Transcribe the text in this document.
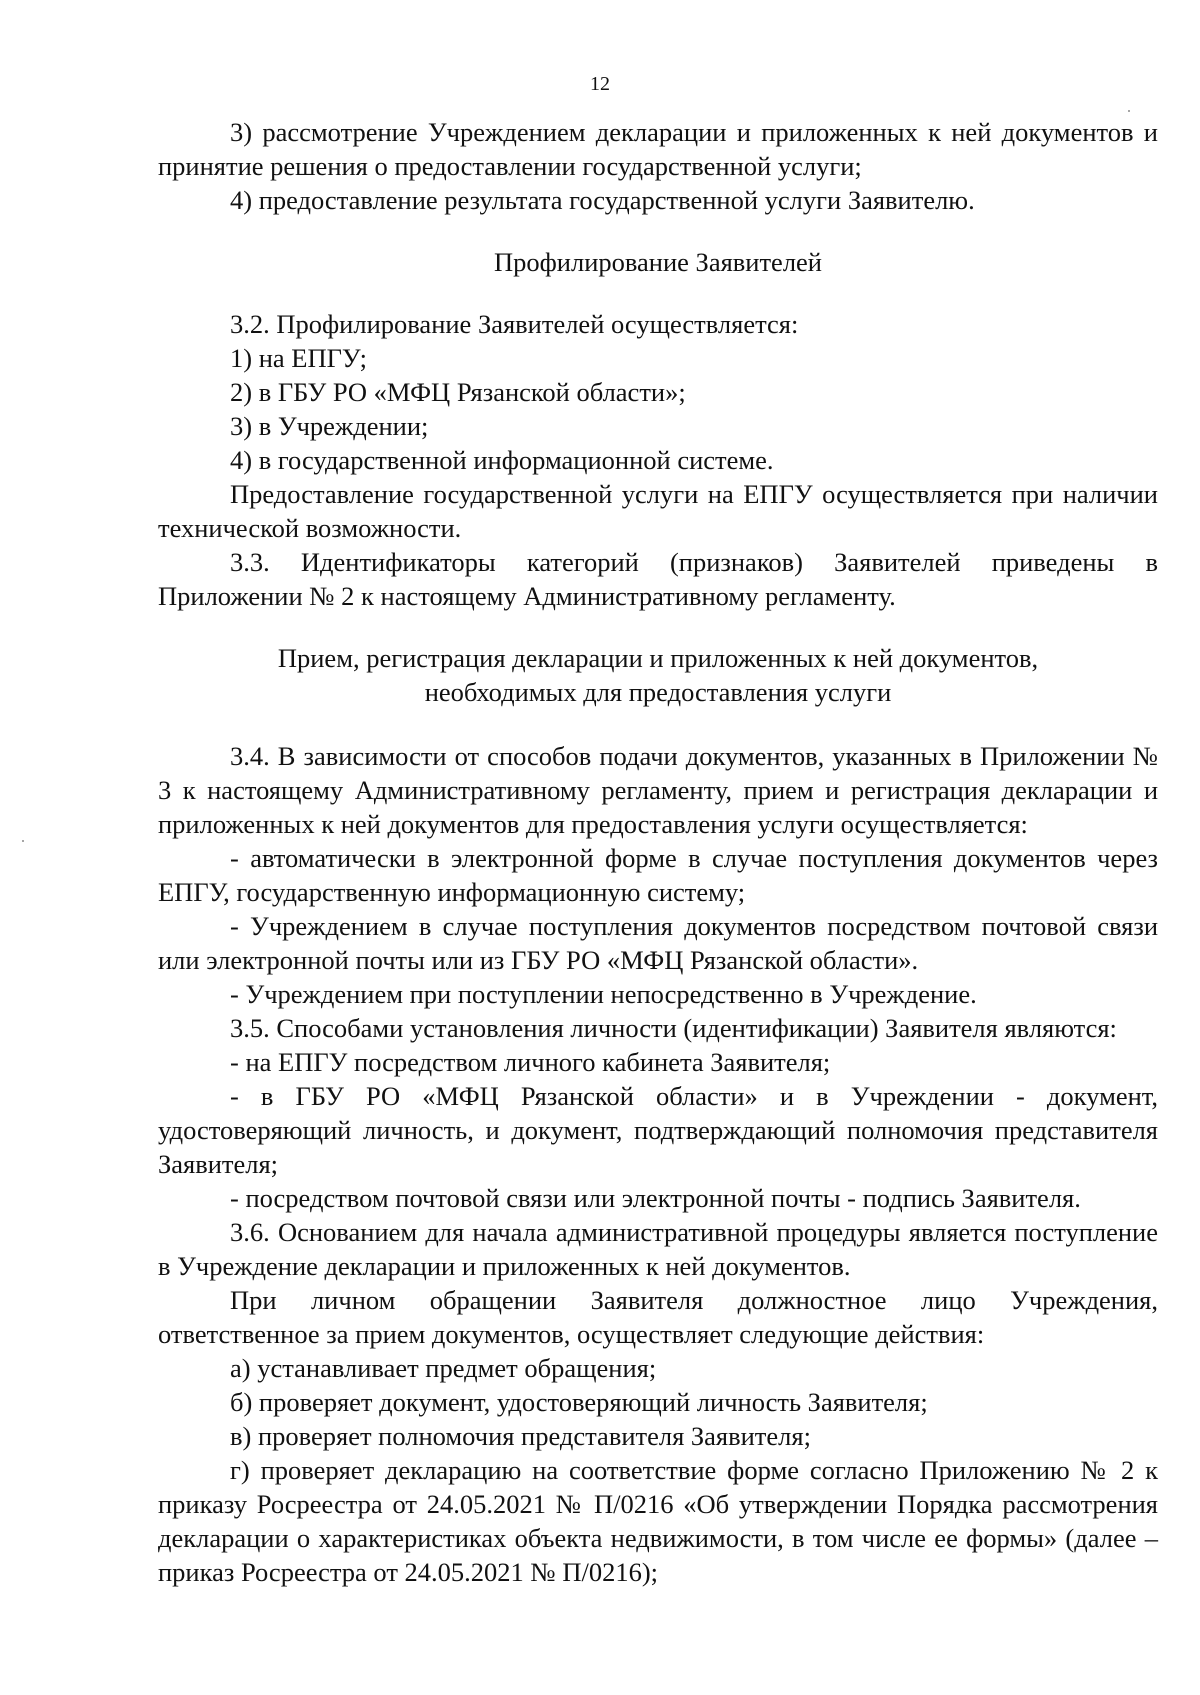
12

3) рассмотрение Учреждением декларации и приложенных к ней документов и принятие решения о предоставлении государственной услуги;

4) предоставление результата государственной услуги Заявителю.

Профилирование Заявителей

3.2. Профилирование Заявителей осуществляется:

1) на ЕПГУ;

2) в ГБУ РО «МФЦ Рязанской области»;

3) в Учреждении;

4) в государственной информационной системе.

Предоставление государственной услуги на ЕПГУ осуществляется при наличии технической возможности.

3.3. Идентификаторы категорий (признаков) Заявителей приведены в Приложении № 2 к настоящему Административному регламенту.

Прием, регистрация декларации и приложенных к ней документов,
необходимых для предоставления услуги

3.4. В зависимости от способов подачи документов, указанных в Приложении № 3 к настоящему Административному регламенту, прием и регистрация декларации и приложенных к ней документов для предоставления услуги осуществляется:

- автоматически в электронной форме в случае поступления документов через ЕПГУ, государственную информационную систему;

- Учреждением в случае поступления документов посредством почтовой связи или электронной почты или из ГБУ РО «МФЦ Рязанской области».

- Учреждением при поступлении непосредственно в Учреждение.

3.5. Способами установления личности (идентификации) Заявителя являются:

- на ЕПГУ посредством личного кабинета Заявителя;

- в ГБУ РО «МФЦ Рязанской области» и в Учреждении - документ, удостоверяющий личность, и документ, подтверждающий полномочия представителя Заявителя;

- посредством почтовой связи или электронной почты - подпись Заявителя.

3.6. Основанием для начала административной процедуры является поступление в Учреждение декларации и приложенных к ней документов.

При личном обращении Заявителя должностное лицо Учреждения, ответственное за прием документов, осуществляет следующие действия:

а) устанавливает предмет обращения;

б) проверяет документ, удостоверяющий личность Заявителя;

в) проверяет полномочия представителя Заявителя;

г) проверяет декларацию на соответствие форме согласно Приложению № 2 к приказу Росреестра от 24.05.2021 № П/0216 «Об утверждении Порядка рассмотрения декларации о характеристиках объекта недвижимости, в том числе ее формы» (далее – приказ Росреестра от 24.05.2021 № П/0216);
